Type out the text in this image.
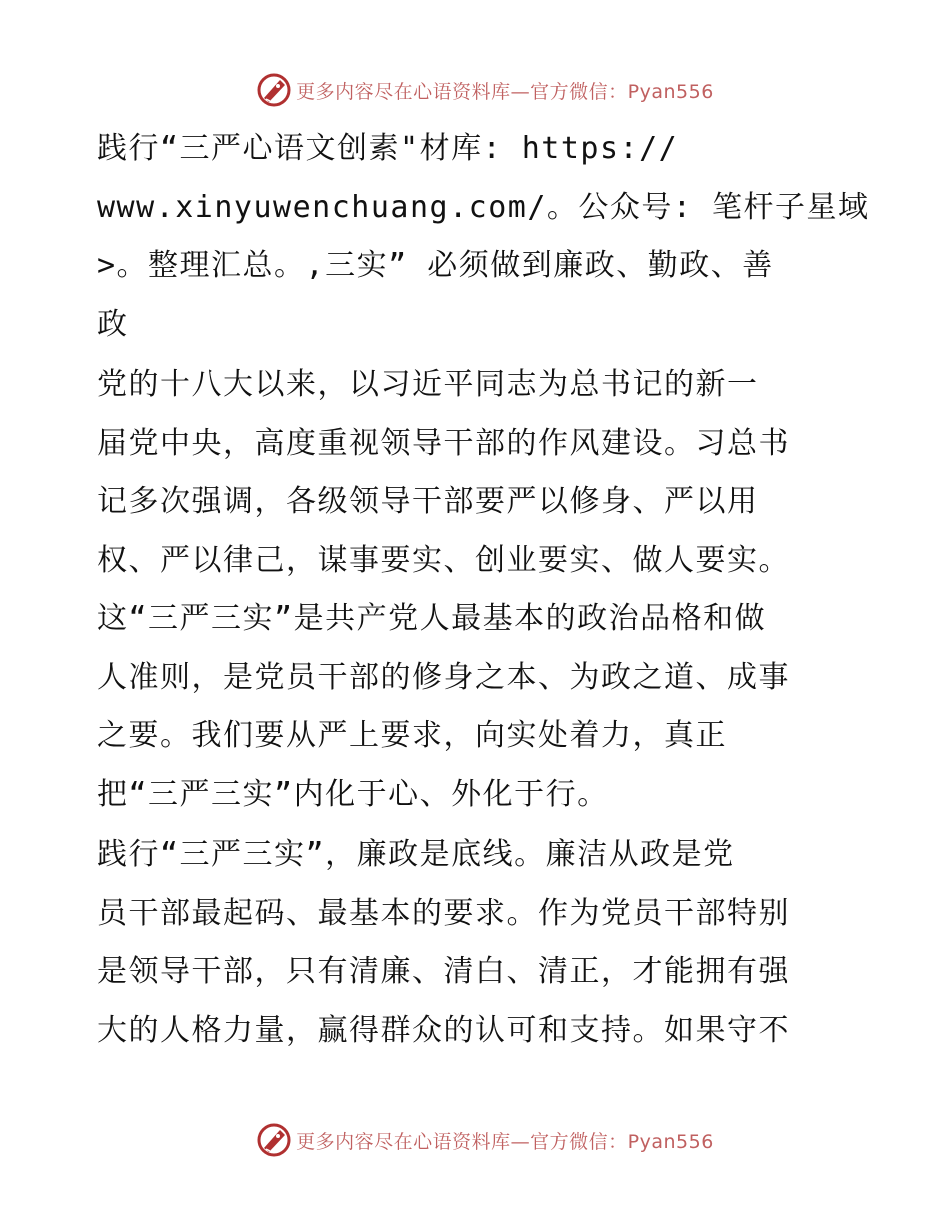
更多内容尽在心语资料库—官方微信：Pyan556
践行“三严心语文创素"材库: https://
www.xinyuwenchuang.com/。公众号: 笔杆子星域
>。整理汇总。,三实” 必须做到廉政、勤政、善
政
党的十八大以来，以习近平同志为总书记的新一
届党中央，高度重视领导干部的作风建设。习总书
记多次强调，各级领导干部要严以修身、严以用
权、严以律己，谋事要实、创业要实、做人要实。
这“三严三实”是共产党人最基本的政治品格和做
人准则，是党员干部的修身之本、为政之道、成事
之要。我们要从严上要求，向实处着力，真正
把“三严三实”内化于心、外化于行。
践行“三严三实”，廉政是底线。廉洁从政是党
员干部最起码、最基本的要求。作为党员干部特别
是领导干部，只有清廉、清白、清正，才能拥有强
大的人格力量，赢得群众的认可和支持。如果守不
更多内容尽在心语资料库—官方微信：Pyan556
